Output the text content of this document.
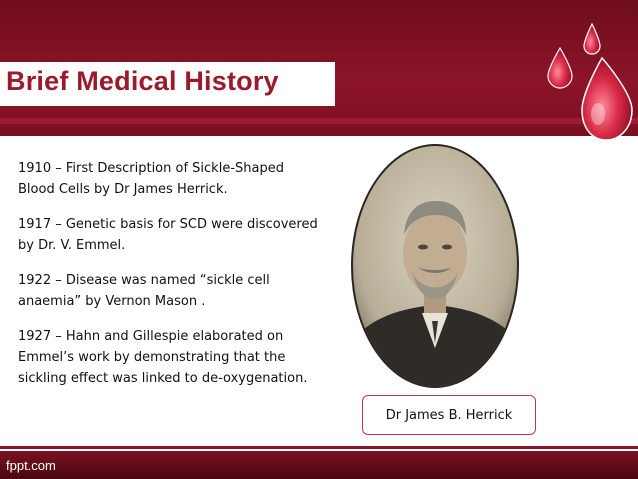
Brief Medical History

1910 – First Description of Sickle-Shaped
Blood Cells by Dr James Herrick.

1917 – Genetic basis for SCD were discovered
by Dr. V. Emmel.

1922 – Disease was named “sickle cell
anaemia” by Vernon Mason .

1927 – Hahn and Gillespie elaborated on
Emmel’s work by demonstrating that the
sickling effect was linked to de-oxygenation.

Dr James B. Herrick
fppt.com
